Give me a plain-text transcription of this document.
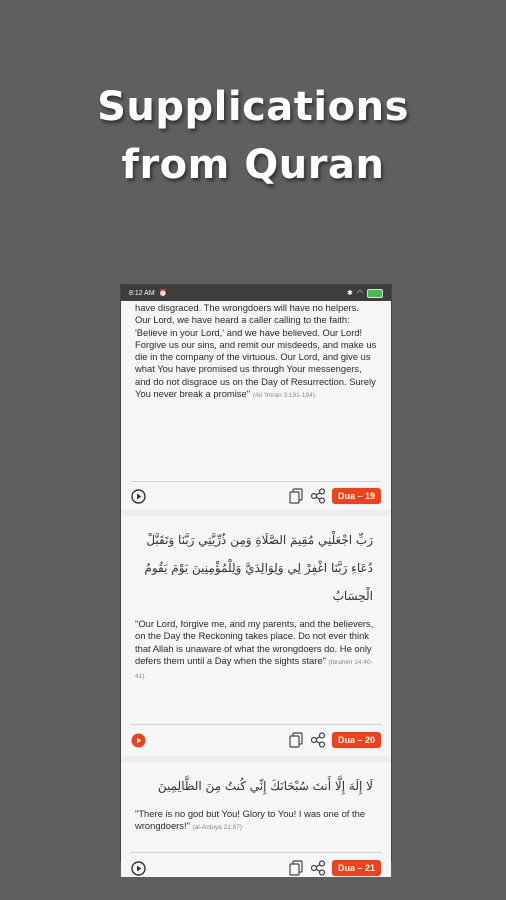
Supplications
from Quran
8:12 AM ⏰	✱ ◠
have disgraced. The wrongdoers will have no helpers. Our Lord, we have heard a caller calling to the faith: 'Believe in your Lord,' and we have believed. Our Lord! Forgive us our sins, and remit our misdeeds, and make us die in the company of the virtuous. Our Lord, and give us what You have promised us through Your messengers, and do not disgrace us on the Day of Resurrection. Surely You never break a promise" (Ali 'Imran 3:191-194).
Dua – 19
رَبِّ اجْعَلْنِي مُقِيمَ الصَّلَاةِ وَمِن ذُرِّيَّتِي رَبَّنَا وَتَقَبَّلْ دُعَاءِ رَبَّنَا اغْفِرْ لِي وَلِوَالِدَيَّ وَلِلْمُؤْمِنِينَ يَوْمَ يَقُومُ الْحِسَابُ
"Our Lord, forgive me, and my parents, and the believers, on the Day the Reckoning takes place. Do not ever think that Allah is unaware of what the wrongdoers do. He only defers them until a Day when the sights stare" (Ibrahim 14:40-41).
Dua – 20
لَا إِلَهَ إِلَّا أَنتَ سُبْحَانَكَ إِنِّي كُنتُ مِنَ الظَّالِمِينَ
"There is no god but You! Glory to You! I was one of the wrongdoers!" (al-Anbiya 21:87)
Dua – 21
